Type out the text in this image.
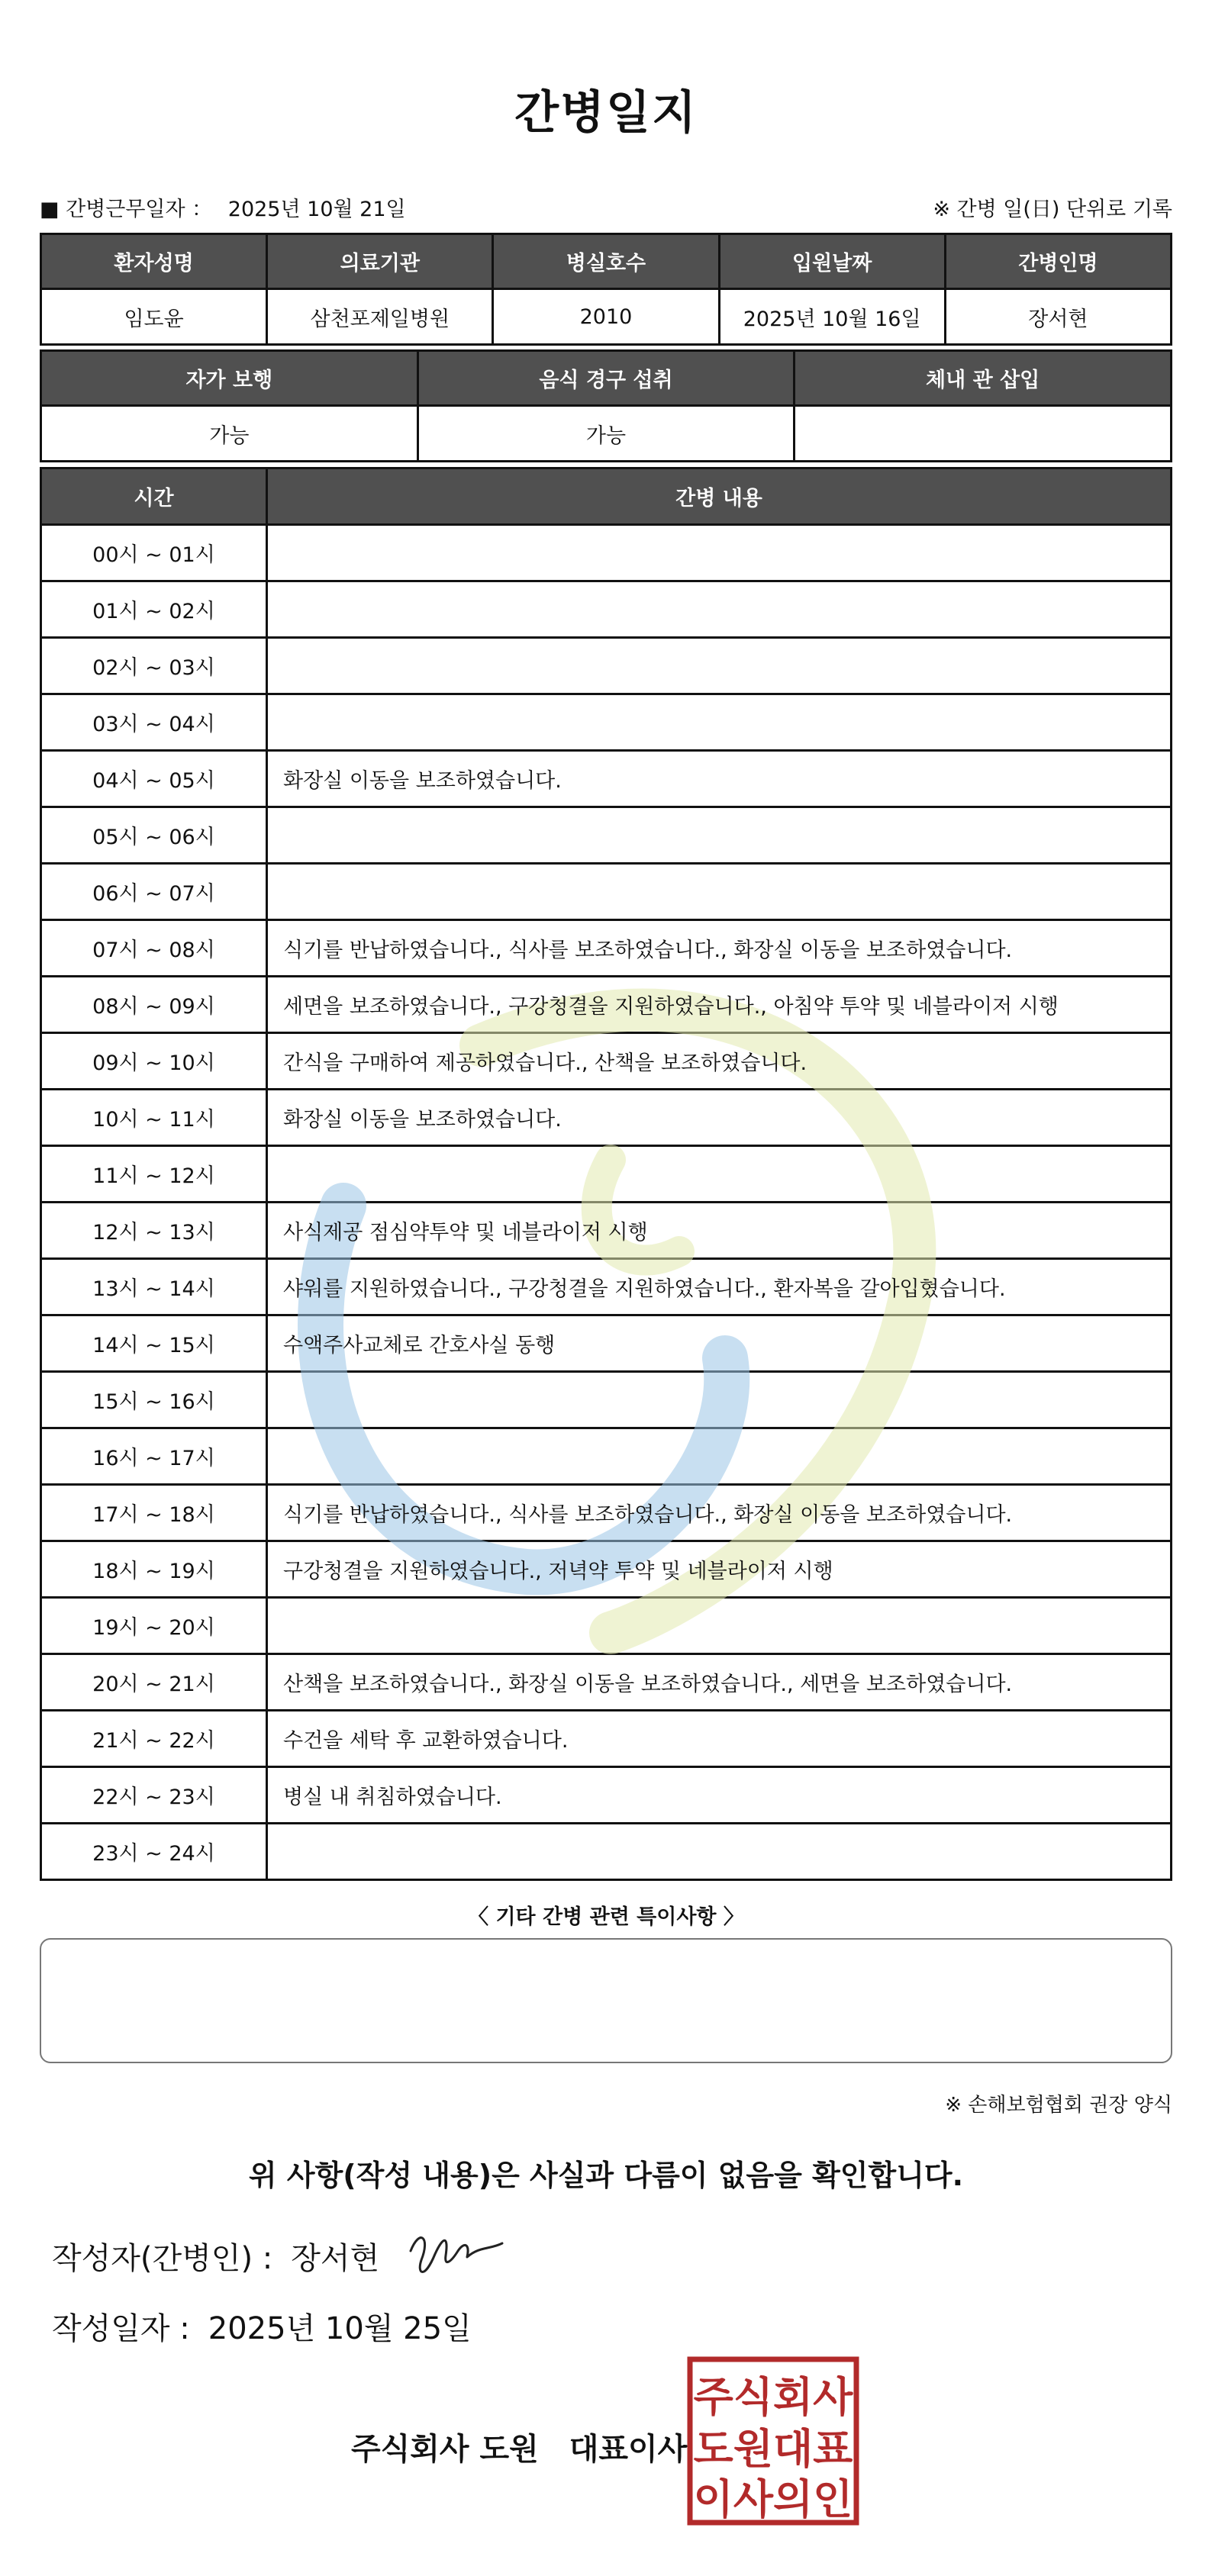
간병일지
■ 간병근무일자 ： 2025년 10월 21일	※ 간병 일(日) 단위로 기록
환자성명	의료기관	병실호수	입원날짜	간병인명
임도윤	삼천포제일병원	2010	2025년 10월 16일	장서현
자가 보행	음식 경구 섭취	체내 관 삽입
가능	가능	
시간	간병 내용
00시 ~ 01시	
01시 ~ 02시	
02시 ~ 03시	
03시 ~ 04시	
04시 ~ 05시	화장실 이동을 보조하였습니다.
05시 ~ 06시	
06시 ~ 07시	
07시 ~ 08시	식기를 반납하였습니다., 식사를 보조하였습니다., 화장실 이동을 보조하였습니다.
08시 ~ 09시	세면을 보조하였습니다., 구강청결을 지원하였습니다., 아침약 투약 및 네블라이저 시행
09시 ~ 10시	간식을 구매하여 제공하였습니다., 산책을 보조하였습니다.
10시 ~ 11시	화장실 이동을 보조하였습니다.
11시 ~ 12시	
12시 ~ 13시	사식제공 점심약투약 및 네블라이저 시행
13시 ~ 14시	샤워를 지원하였습니다., 구강청결을 지원하였습니다., 환자복을 갈아입혔습니다.
14시 ~ 15시	수액주사교체로 간호사실 동행
15시 ~ 16시	
16시 ~ 17시	
17시 ~ 18시	식기를 반납하였습니다., 식사를 보조하였습니다., 화장실 이동을 보조하였습니다.
18시 ~ 19시	구강청결을 지원하였습니다., 저녁약 투약 및 네블라이저 시행
19시 ~ 20시	
20시 ~ 21시	산책을 보조하였습니다., 화장실 이동을 보조하였습니다., 세면을 보조하였습니다.
21시 ~ 22시	수건을 세탁 후 교환하였습니다.
22시 ~ 23시	병실 내 취침하였습니다.
23시 ~ 24시	
〈 기타 간병 관련 특이사항 〉
※ 손해보험협회 권장 양식
위 사항(작성 내용)은 사실과 다름이 없음을 확인합니다.
작성자(간병인) : 장서현
작성일자 : 2025년 10월 25일
주식회사 도원 대표이사
주식회사
도원대표
이사의인
